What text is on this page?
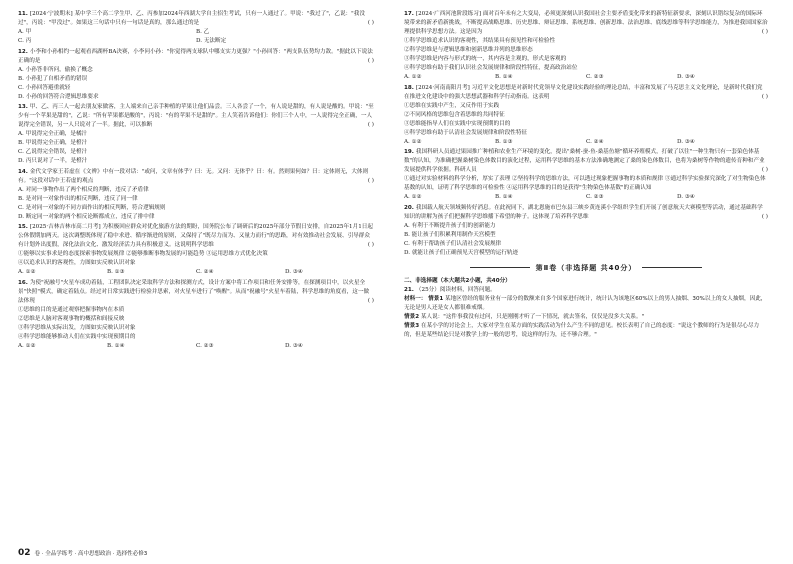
11. [2024·宁波期末] 某中学三个高二学生甲、乙、丙参加2024年西湖大学自主招生考试，只有一人通过了。甲说："我过了"，乙说："我没过"，丙说："甲没过"。如果这三句话中只有一句话是真的，那么通过的是	( )
A. 甲	B. 乙
C. 丙	D. 无法断定
12. 小李和小孙相约一起观看西湖杯BA决赛，小李问小孙："你觉得两支球队中哪支实力更强？"小孙回答："两支队伍势均力敌。"据此以下说法正确的是	( )
A. 小孙答非所问，偷换了概念
B. 小孙犯了自相矛盾的错误
C. 小孙回答避重就轻
D. 小孙的回答符合逻辑思维要求
13. 甲、乙、丙三人一起去朋友家做客，主人端来自己亲手种植的苹果让他们品尝。三人各尝了一个，有人说是甜的，有人说是酸的。甲说："至少有一个苹果是甜的"，乙说："所有苹果都是酸的"，丙说："有的苹果不是甜的"。主人笑着告诉他们：你们三个人中，一人说得完全正确，一人说得完全错误，另一人只说对了一半。据此，可以推断	( )
A. 甲说得完全正确，是橘汁
B. 甲说得完全正确，是橙汁
C. 乙说得完全错误，是橙汁
D. 丙只说对了一半，是橙汁
14. 金代文学家王若虚在《文辨》中有一段对话："或问，文章有体乎？曰：无。又问：无体乎？曰：有。然则果何如？曰：定体则无，大体则有。"这段对话中王若虚的观点	( )
A. 对同一事物作出了两个相反的判断，违反了矛盾律
B. 是对同一对象作出的相反判断，违反了同一律
C. 是对同一对象的不同方面作出的相反判断，符合逻辑规则
D. 断定同一对象的两个相反论断都成立，违反了排中律
15. [2025·吉林吉林市高二月考] 为积极回应群众对优化旅游方法的期盼，国务院公布了调研后的2025年部分节假日安排，自2025年1月1日起公休假期加两天。这次调整既体现了稳中求进、循序渐进的原则，又保持了"既尽力而为、又量力而行"的思路，对有效推动社会发展、引导群众有计划外出度假，深化法治文化、激发经济活力具有积极意义。这说明科学思维	( )
①能够以实事求是的态度探索事物发展规律 ②能够推断事物发展的可能趋势 ③运用思维方式优化决策
④以追求认识的客观性，力图如实反映认识对象
A. ①②	B. ①③	C. ②④	D. ③④
16. 为使"祝融号"火星车成功着陆，工程团队决定采取科学方法和探测方式，设计方案中将工作项目和任务安排等，在探测项目中，以火星全景"快照"模式，确定着陆点。经过对日常实践进行检验并思索，对火星车进行了"唤醒"。从而"祝融号"火星车着陆，科学思维的角度看，这一做法体现	( )
①思维的目的是通过观察把握事物内在本质
②思维是人脑对客观事物的概括和间接反映
③科学思维从实际出发，力图如实反映认识对象
④科学思维能够推动人们在实践中实现预期目的
A. ①②	B. ①④	C. ②③	D. ③④
17. [2024·广西河池阶段练习] 面对百年未有之大变局，必须更深刻认识我国社会主要矛盾变化带来的新特征新要求，深刻认识错综复杂的国际环境带来的新矛盾新挑战，不断提高战略思维、历史思维、辩证思维、系统思维、创新思维、法治思维、底线思维等科学思维能力，为推进我国国家治理提供科学思想方法。这是因为	( )
①科学思维追求认识的客观性，其结果具有预见性和可检验性
②科学思维是与逻辑思维和创新思维并列的思维形态
③科学思维是内容与形式的统一，其内容是主观的，形式是客观的
④科学思维有助于我们认识社会发展规律和阶段性特征，提高政治站位
A. ①②	B. ①④	C. ②③	D. ③④
18. [2024·河南南阳月考] 习近平文化思想是对新时代党领导文化建设实践经验的理论总结，丰富和发展了马克思主义文化理论，是新时代我们党在推进文化建设中的强大思想武器和科学行动指南。这表明	( )
①思维在实践中产生，又反作用于实践
②不同风格的思维包含着思维的共同特征
③思维能指导人们在实践中实现预期的目的
④科学思维有助于认清社会发展规律和阶段性特征
A. ①②	B. ①③	C. ②④	D. ③④
19. 我国科研人员通过果园推广种植和农业生产环境的变化，提出"桑树-蚕-鱼-桑基鱼塘"循环养殖模式，打破了以往"一种生物只有一套染色体基数"的认知，为准确把握桑树染色体数目的演化过程，运用科学思维的基本方法准确地测定了桑的染色体数目，也将为桑树等作物的遗传育种和产业发展提供科学依据。科研人员	( )
①通过对实验材料的科学分析，厚实了表理 ②坚持科学的思维方法，可以透过现象把握事物的本质和规律 ③通过科学实验探究深化了对生物染色体基数的认知，证明了科学思维的可检验性 ④运用科学思维的目的是获得"生物染色体基数"的正确认知
A. ①②	B. ①④	C. ②③	D. ③④
20. 我国载人航天领域频传好消息。在此祝同下，湖北恩施市巴东县三峡乡黄连溪小学组织学生们开展了创意航天大赛模型等活动，通过基础科学知识的讲解为孩子们把握科学思维播下希望的种子。这体现了培养科学思维	( )
A. 有利于不断提升孩子们的创新能力
B. 能让孩子们积累利用制作天宫模型
C. 有利于帮助孩子们认清社会发展规律
D. 就能让孩子们正确预见天宫模型的运行轨迹
第Ⅱ卷（非选择题 共40分）
二、非选择题（本大题共2小题，共40分）
21. （25分）阅读材料，回答问题。
材料一： 情景1 某地区曾经的服务业有一部分的数额来自多个国家进行统计，统计认为该地区60%以上的男人抽烟、30%以上的女人抽烟，因此，无论是男人还是女人都很难戒烟。
情景2 某人说："这件事我没有过问，只是刚刚才听了一下情况，就去签名，仅仅是没多大关系。"
情景3 在某小学的讨论会上，大家对学生在某方面的实践活动为什么产生不同的意见。校长表明了自己的态度："说这个教师的行为是很尽心尽力的，但是某些结论只是对教学上的一般的思考，说这样的行为，还不够合理。"
02 卷 · 全品学练考 · 高中思想政治 · 选择性必修3
